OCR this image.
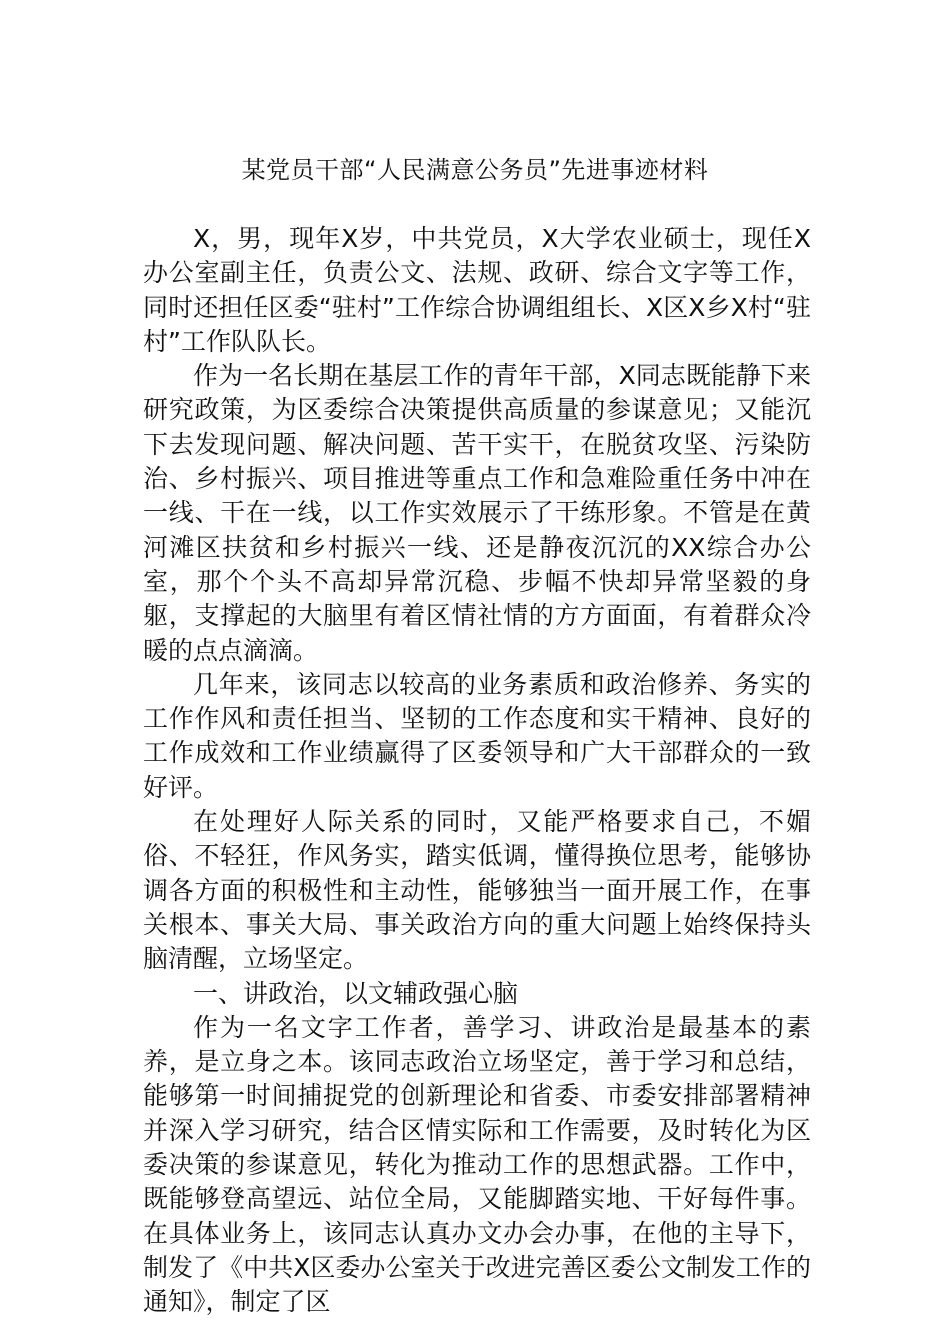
某党员干部“人民满意公务员”先进事迹材料

X，男，现年X岁，中共党员，X大学农业硕士，现任X办公室副主任，负责公文、法规、政研、综合文字等工作，同时还担任区委“驻村”工作综合协调组组长、X区X乡X村“驻村”工作队队长。

作为一名长期在基层工作的青年干部，X同志既能静下来研究政策，为区委综合决策提供高质量的参谋意见；又能沉下去发现问题、解决问题、苦干实干，在脱贫攻坚、污染防治、乡村振兴、项目推进等重点工作和急难险重任务中冲在一线、干在一线，以工作实效展示了干练形象。不管是在黄河滩区扶贫和乡村振兴一线、还是静夜沉沉的XX综合办公室，那个个头不高却异常沉稳、步幅不快却异常坚毅的身躯，支撑起的大脑里有着区情社情的方方面面，有着群众冷暖的点点滴滴。

几年来，该同志以较高的业务素质和政治修养、务实的工作作风和责任担当、坚韧的工作态度和实干精神、良好的工作成效和工作业绩赢得了区委领导和广大干部群众的一致好评。

在处理好人际关系的同时，又能严格要求自己，不媚俗、不轻狂，作风务实，踏实低调，懂得换位思考，能够协调各方面的积极性和主动性，能够独当一面开展工作，在事关根本、事关大局、事关政治方向的重大问题上始终保持头脑清醒，立场坚定。

一、讲政治，以文辅政强心脑

作为一名文字工作者，善学习、讲政治是最基本的素养，是立身之本。该同志政治立场坚定，善于学习和总结，能够第一时间捕捉党的创新理论和省委、市委安排部署精神并深入学习研究，结合区情实际和工作需要，及时转化为区委决策的参谋意见，转化为推动工作的思想武器。工作中，既能够登高望远、站位全局，又能脚踏实地、干好每件事。在具体业务上，该同志认真办文办会办事，在他的主导下，制发了《中共X区委办公室关于改进完善区委公文制发工作的通知》，制定了区
